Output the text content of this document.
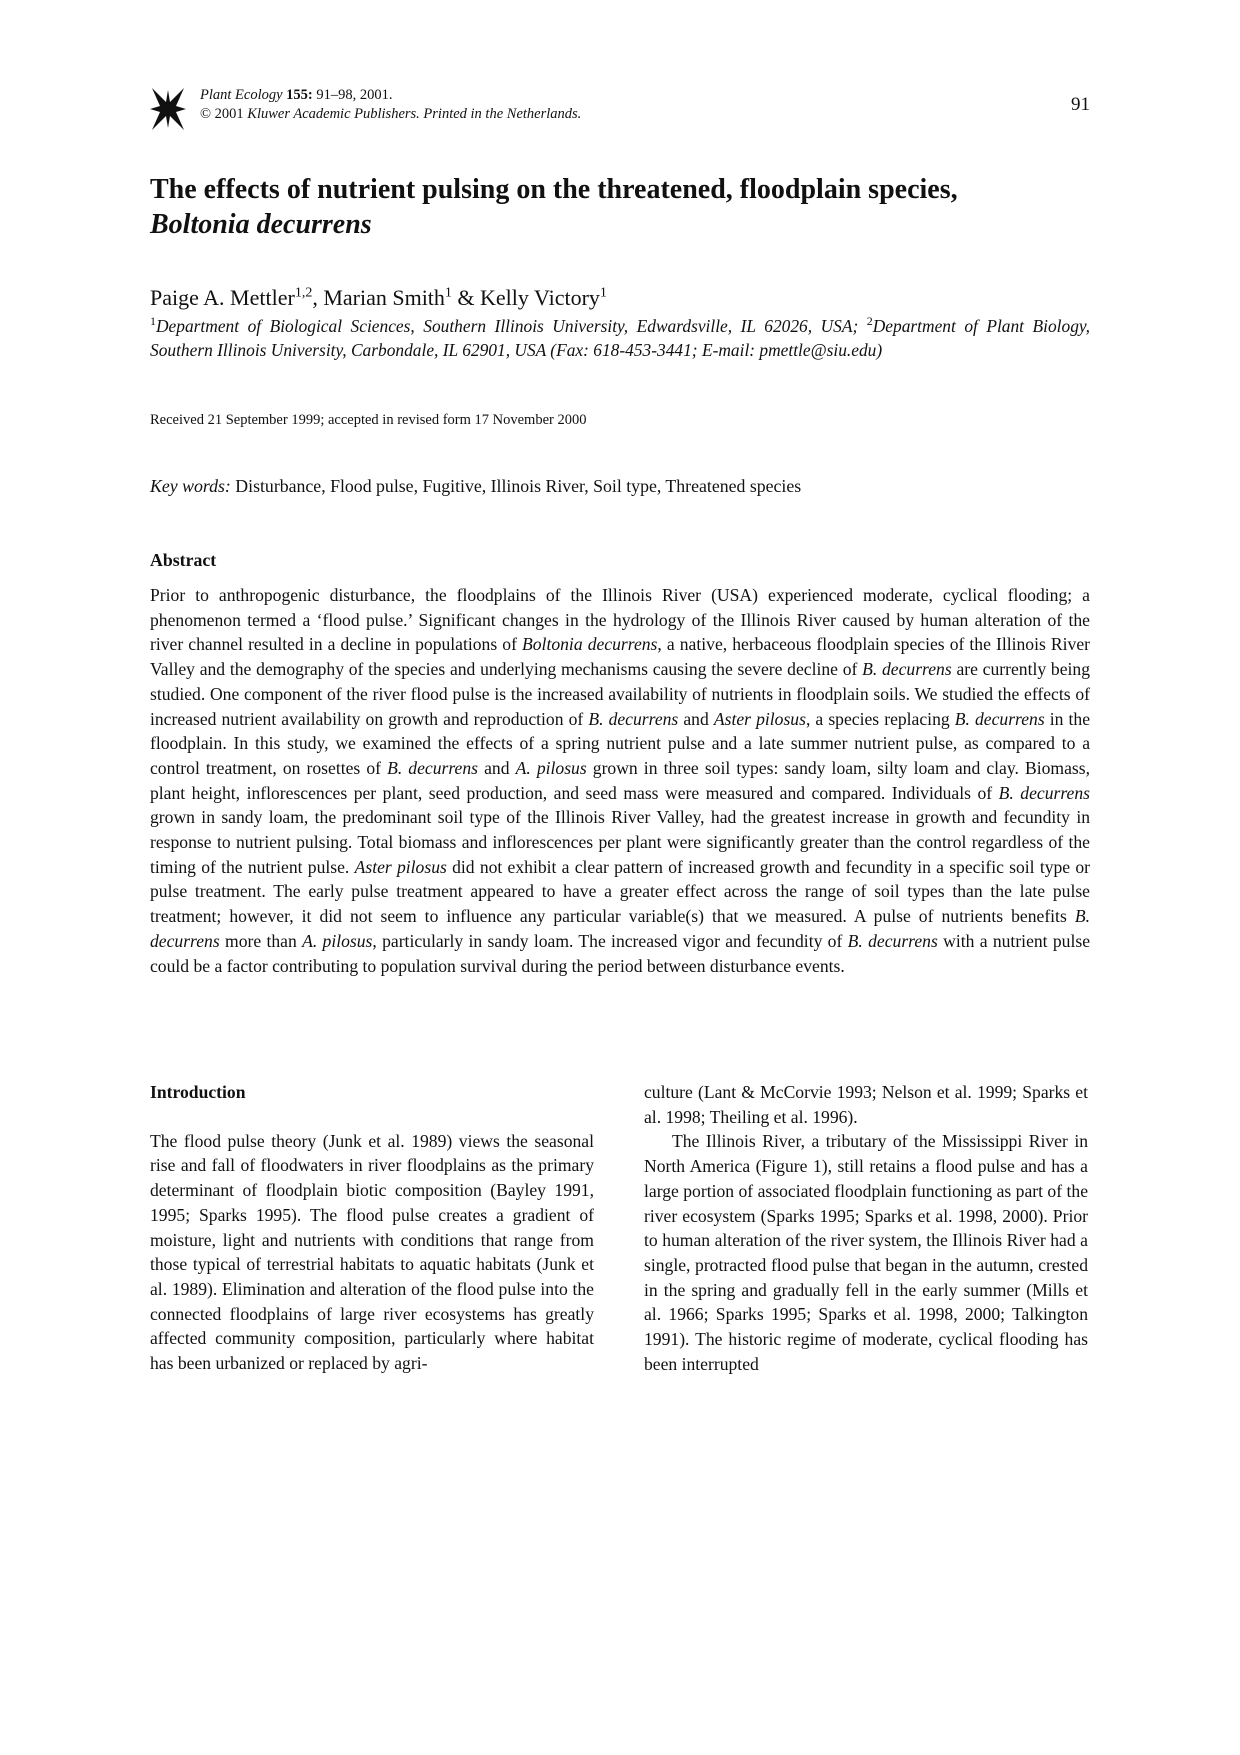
Plant Ecology 155: 91–98, 2001.
© 2001 Kluwer Academic Publishers. Printed in the Netherlands.	91
The effects of nutrient pulsing on the threatened, floodplain species,
Boltonia decurrens
Paige A. Mettler$^{1,2}$, Marian Smith$^1$ & Kelly Victory$^1$
$^1$Department of Biological Sciences, Southern Illinois University, Edwardsville, IL 62026, USA; $^2$Department of Plant Biology, Southern Illinois University, Carbondale, IL 62901, USA (Fax: 618-453-3441; E-mail: pmettle@siu.edu)
Received 21 September 1999; accepted in revised form 17 November 2000
Key words: Disturbance, Flood pulse, Fugitive, Illinois River, Soil type, Threatened species
Abstract
Prior to anthropogenic disturbance, the floodplains of the Illinois River (USA) experienced moderate, cyclical flooding; a phenomenon termed a ‘flood pulse.’ Significant changes in the hydrology of the Illinois River caused by human alteration of the river channel resulted in a decline in populations of Boltonia decurrens, a native, herbaceous floodplain species of the Illinois River Valley and the demography of the species and underlying mechanisms causing the severe decline of B. decurrens are currently being studied. One component of the river flood pulse is the increased availability of nutrients in floodplain soils. We studied the effects of increased nutrient availability on growth and reproduction of B. decurrens and Aster pilosus, a species replacing B. decurrens in the floodplain. In this study, we examined the effects of a spring nutrient pulse and a late summer nutrient pulse, as compared to a control treatment, on rosettes of B. decurrens and A. pilosus grown in three soil types: sandy loam, silty loam and clay. Biomass, plant height, inflorescences per plant, seed production, and seed mass were measured and compared. Individuals of B. decurrens grown in sandy loam, the predominant soil type of the Illinois River Valley, had the greatest increase in growth and fecundity in response to nutrient pulsing. Total biomass and inflorescences per plant were significantly greater than the control regardless of the timing of the nutrient pulse. Aster pilosus did not exhibit a clear pattern of increased growth and fecundity in a specific soil type or pulse treatment. The early pulse treatment appeared to have a greater effect across the range of soil types than the late pulse treatment; however, it did not seem to influence any particular variable(s) that we measured. A pulse of nutrients benefits B. decurrens more than A. pilosus, particularly in sandy loam. The increased vigor and fecundity of B. decurrens with a nutrient pulse could be a factor contributing to population survival during the period between disturbance events.
Introduction

The flood pulse theory (Junk et al. 1989) views the seasonal rise and fall of floodwaters in river floodplains as the primary determinant of floodplain biotic composition (Bayley 1991, 1995; Sparks 1995). The flood pulse creates a gradient of moisture, light and nutrients with conditions that range from those typical of terrestrial habitats to aquatic habitats (Junk et al. 1989). Elimination and alteration of the flood pulse into the connected floodplains of large river ecosystems has greatly affected community composition, particularly where habitat has been urbanized or replaced by agri-

culture (Lant & McCorvie 1993; Nelson et al. 1999; Sparks et al. 1998; Theiling et al. 1996).

The Illinois River, a tributary of the Mississippi River in North America (Figure 1), still retains a flood pulse and has a large portion of associated floodplain functioning as part of the river ecosystem (Sparks 1995; Sparks et al. 1998, 2000). Prior to human alteration of the river system, the Illinois River had a single, protracted flood pulse that began in the autumn, crested in the spring and gradually fell in the early summer (Mills et al. 1966; Sparks 1995; Sparks et al. 1998, 2000; Talkington 1991). The historic regime of moderate, cyclical flooding has been interrupted
